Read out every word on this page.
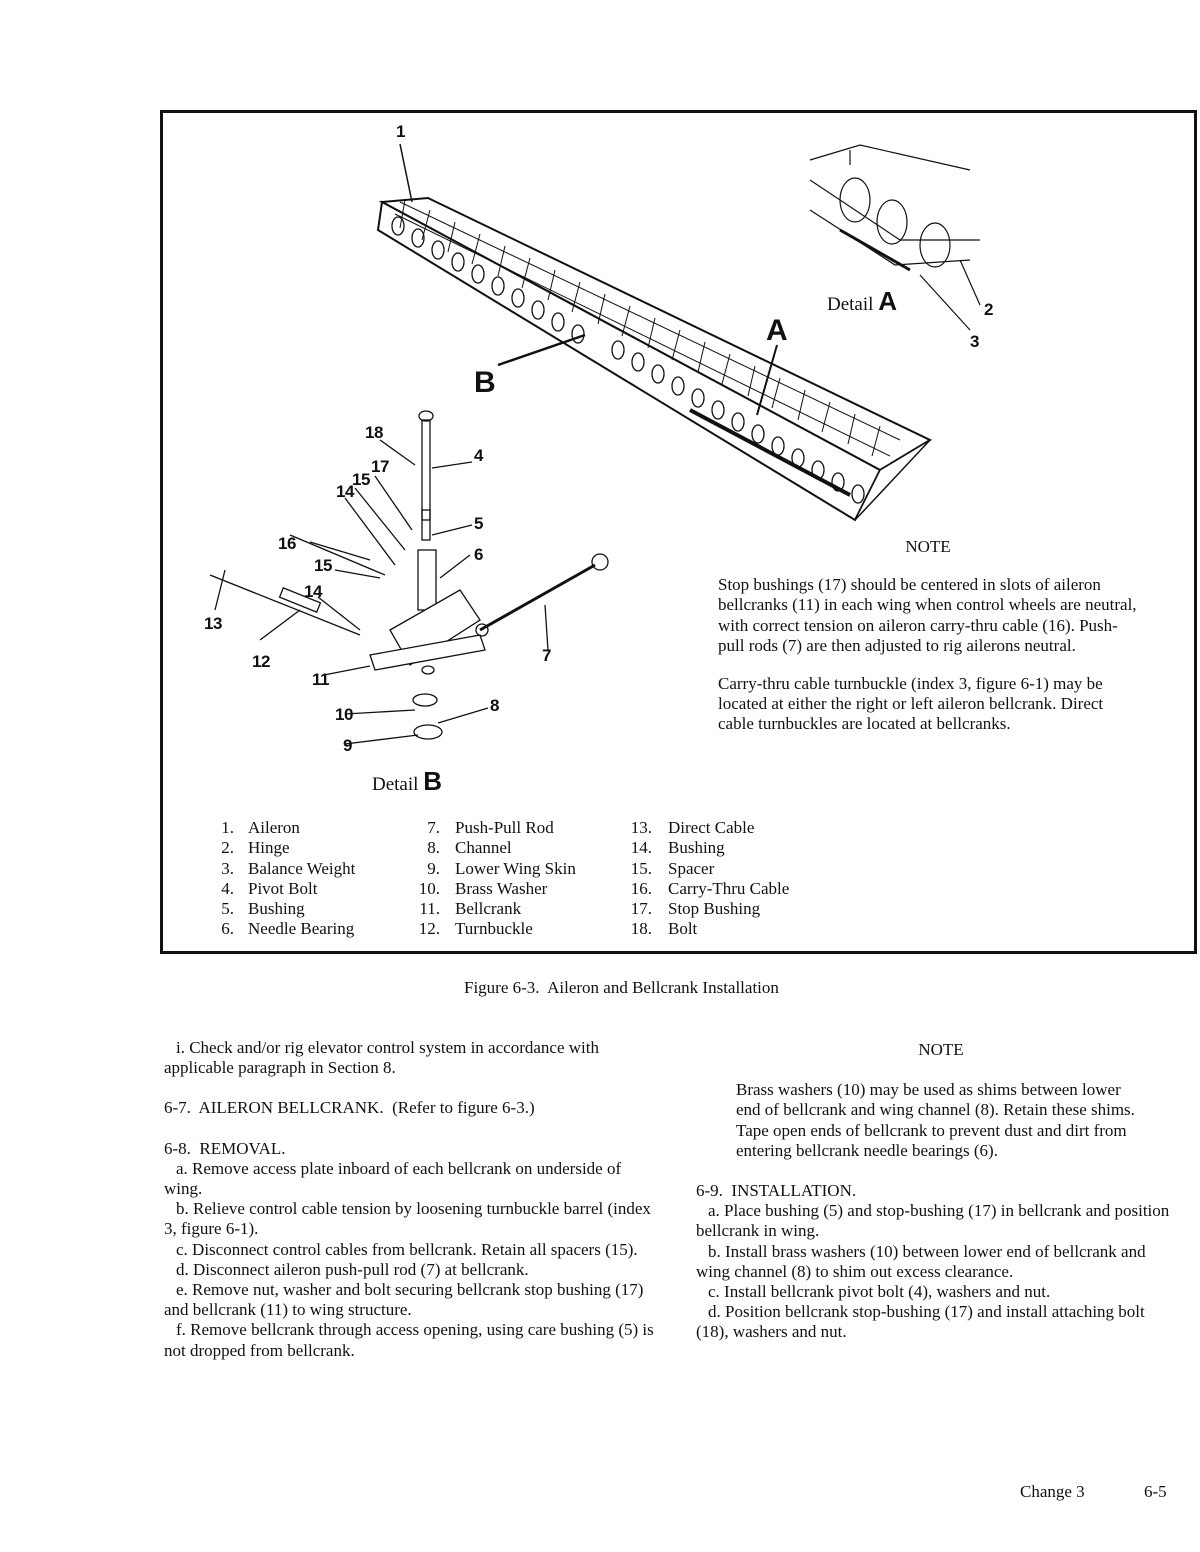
1
2
3
4
5
6
7
8
9
10
11
12
13
14
14
15
15
16
17
18
B
A
Detail A
Detail B

NOTE

Stop bushings (17) should be centered in slots of aileron bellcranks (11) in each wing when control wheels are neutral, with correct tension on aileron carry-thru cable (16). Push-pull rods (7) are then adjusted to rig ailerons neutral.

Carry-thru cable turnbuckle (index 3, figure 6-1) may be located at either the right or left aileron bellcrank. Direct cable turnbuckles are located at bellcranks.

1. Aileron
2. Hinge
3. Balance Weight
4. Pivot Bolt
5. Bushing
6. Needle Bearing
7. Push-Pull Rod
8. Channel
9. Lower Wing Skin
10. Brass Washer
11. Bellcrank
12. Turnbuckle
13. Direct Cable
14. Bushing
15. Spacer
16. Carry-Thru Cable
17. Stop Bushing
18. Bolt
Figure 6-3.  Aileron and Bellcrank Installation

i. Check and/or rig elevator control system in accordance with applicable paragraph in Section 8.

6-7.  AILERON BELLCRANK.  (Refer to figure 6-3.)

6-8.  REMOVAL.

a. Remove access plate inboard of each bellcrank on underside of wing.

b. Relieve control cable tension by loosening turnbuckle barrel (index 3, figure 6-1).

c. Disconnect control cables from bellcrank. Retain all spacers (15).

d. Disconnect aileron push-pull rod (7) at bellcrank.

e. Remove nut, washer and bolt securing bellcrank stop bushing (17) and bellcrank (11) to wing structure.

f. Remove bellcrank through access opening, using care bushing (5) is not dropped from bellcrank.

NOTE

Brass washers (10) may be used as shims between lower end of bellcrank and wing channel (8). Retain these shims. Tape open ends of bellcrank to prevent dust and dirt from entering bellcrank needle bearings (6).

6-9.  INSTALLATION.

a. Place bushing (5) and stop-bushing (17) in bellcrank and position bellcrank in wing.

b. Install brass washers (10) between lower end of bellcrank and wing channel (8) to shim out excess clearance.

c. Install bellcrank pivot bolt (4), washers and nut.

d. Position bellcrank stop-bushing (17) and install attaching bolt (18), washers and nut.

Change 3	6-5
